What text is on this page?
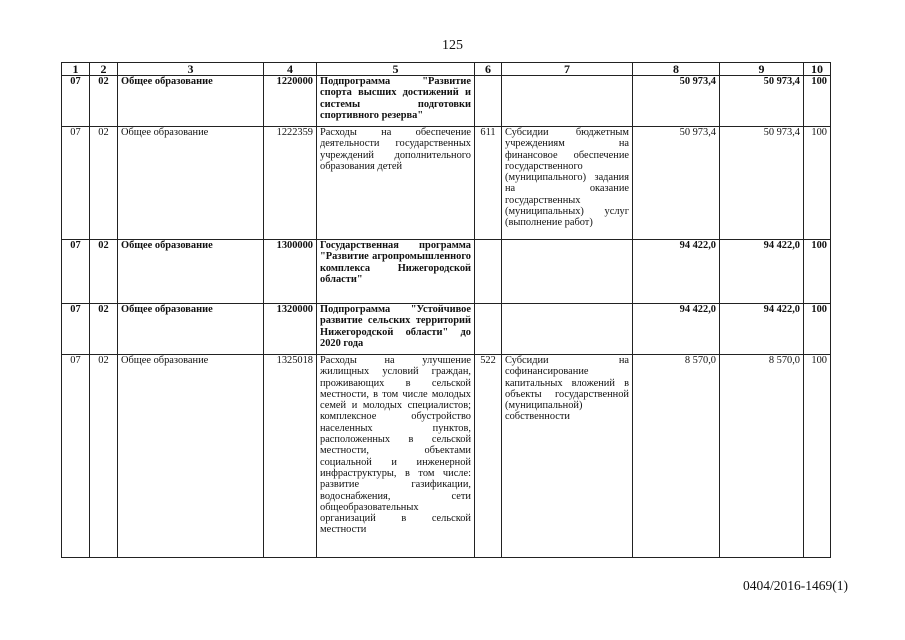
125
1	2	3	4	5	6	7	8	9	10
07	02	Общее образование	1220000	Подпрограмма "Развитие спорта высших достижений и системы подготовки спортивного резерва"			50 973,4	50 973,4	100
07	02	Общее образование	1222359	Расходы на обеспечение деятельности государственных учреждений дополнительного образования детей	611	Субсидии бюджетным учреждениям на финансовое обеспечение государственного (муниципального) задания на оказание государственных (муниципальных) услуг (выполнение работ)	50 973,4	50 973,4	100
07	02	Общее образование	1300000	Государственная программа "Развитие агропромышленного комплекса Нижегородской области"			94 422,0	94 422,0	100
07	02	Общее образование	1320000	Подпрограмма "Устойчивое развитие сельских территорий Нижегородской области" до 2020 года			94 422,0	94 422,0	100
07	02	Общее образование	1325018	Расходы на улучшение жилищных условий граждан, проживающих в сельской местности, в том числе молодых семей и молодых специалистов; комплексное обустройство населенных пунктов, расположенных в сельской местности, объектами социальной и инженерной инфраструктуры, в том числе: развитие газификации, водоснабжения, сети общеобразовательных организаций в сельской местности	522	Субсидии на софинансирование капитальных вложений в объекты государственной (муниципальной) собственности	8 570,0	8 570,0	100
0404/2016-1469(1)
